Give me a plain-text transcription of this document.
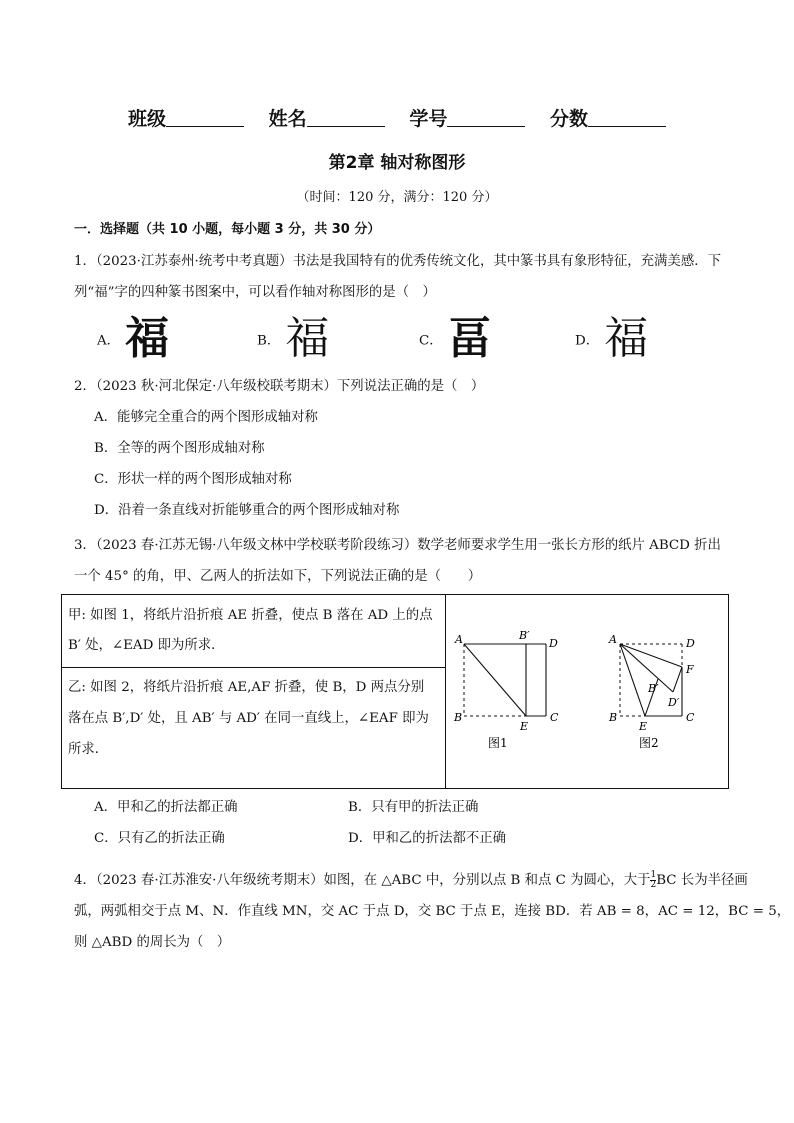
班级	姓名	学号	分数
第2章 轴对称图形
（时间：120 分，满分：120 分）
一．选择题（共 10 小题，每小题 3 分，共 30 分）
1．（2023·江苏泰州·统考中考真题）书法是我国特有的优秀传统文化，其中篆书具有象形特征，充满美感．下
列“福”字的四种篆书图案中，可以看作轴对称图形的是（　）
A． 福	B． 福	C． 畐	D． 福
2．（2023 秋·河北保定·八年级校联考期末）下列说法正确的是（　）
A．能够完全重合的两个图形成轴对称
B．全等的两个图形成轴对称
C．形状一样的两个图形成轴对称
D．沿着一条直线对折能够重合的两个图形成轴对称
3．（2023 春·江苏无锡·八年级文林中学校联考阶段练习）数学老师要求学生用一张长方形的纸片 ABCD 折出
一个 45° 的角，甲、乙两人的折法如下，下列说法正确的是（　　）
甲: 如图 1，将纸片沿折痕 AE 折叠，使点 B 落在 AD 上的点
B′ 处，∠EAD 即为所求．
乙: 如图 2，将纸片沿折痕 AE,AF 折叠，使 B，D 两点分别
落在点 B′,D′ 处，且 AB′ 与 AD′ 在同一直线上，∠EAF 即为
所求．
A	B′
D
B
E
C
图1
A	D
F
B′
D′
B
E
C
图2
A．甲和乙的折法都正确	B．只有甲的折法正确
C．只有乙的折法正确	D．甲和乙的折法都不正确
4．（2023 春·江苏淮安·八年级统考期末）如图，在 △ABC 中，分别以点 B 和点 C 为圆心，大于 $\frac{1}{2}$ BC 长为半径画
弧，两弧相交于点 M、N．作直线 MN，交 AC 于点 D，交 BC 于点 E，连接 BD．若 AB = 8，AC = 12，BC = 5，
则 △ABD 的周长为（　）
